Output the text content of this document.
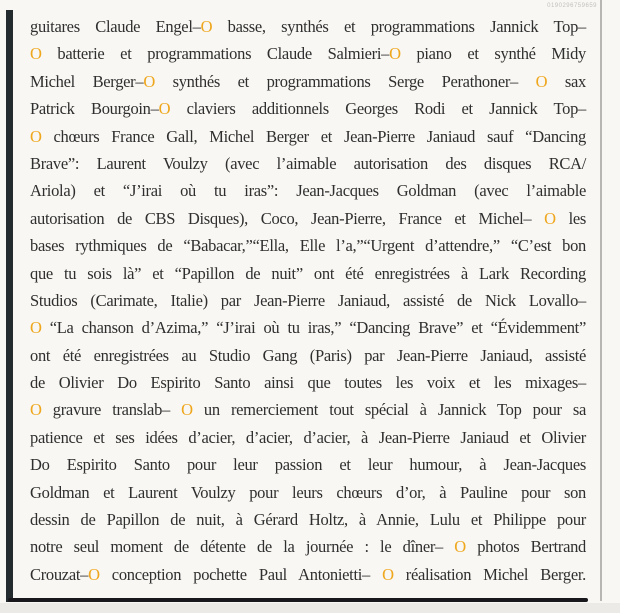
0190296759659
guitares Claude Engel–O basse, synthés et programmations Jannick Top–
O batterie et programmations Claude Salmieri–O piano et synthé Midy
Michel Berger–O synthés et programmations Serge Perathoner– O sax
Patrick Bourgoin–O claviers additionnels Georges Rodi et Jannick Top–
O chœurs France Gall, Michel Berger et Jean-Pierre Janiaud sauf “Dancing
Brave”: Laurent Voulzy (avec l’aimable autorisation des disques RCA/
Ariola) et “J’irai où tu iras”: Jean-Jacques Goldman (avec l’aimable
autorisation de CBS Disques), Coco, Jean-Pierre, France et Michel– O les
bases rythmiques de “Babacar,”“Ella, Elle l’a,”“Urgent d’attendre,” “C’est bon
que tu sois là” et “Papillon de nuit” ont été enregistrées à Lark Recording
Studios (Carimate, Italie) par Jean-Pierre Janiaud, assisté de Nick Lovallo–
O “La chanson d’Azima,” “J’irai où tu iras,” “Dancing Brave” et “Évidemment”
ont été enregistrées au Studio Gang (Paris) par Jean-Pierre Janiaud, assisté
de Olivier Do Espirito Santo ainsi que toutes les voix et les mixages–
O gravure translab– O un remerciement tout spécial à Jannick Top pour sa
patience et ses idées d’acier, d’acier, d’acier, à Jean-Pierre Janiaud et Olivier
Do Espirito Santo pour leur passion et leur humour, à Jean-Jacques
Goldman et Laurent Voulzy pour leurs chœurs d’or, à Pauline pour son
dessin de Papillon de nuit, à Gérard Holtz, à Annie, Lulu et Philippe pour
notre seul moment de détente de la journée : le dîner– O photos Bertrand
Crouzat–O conception pochette Paul Antonietti– O réalisation Michel Berger.
